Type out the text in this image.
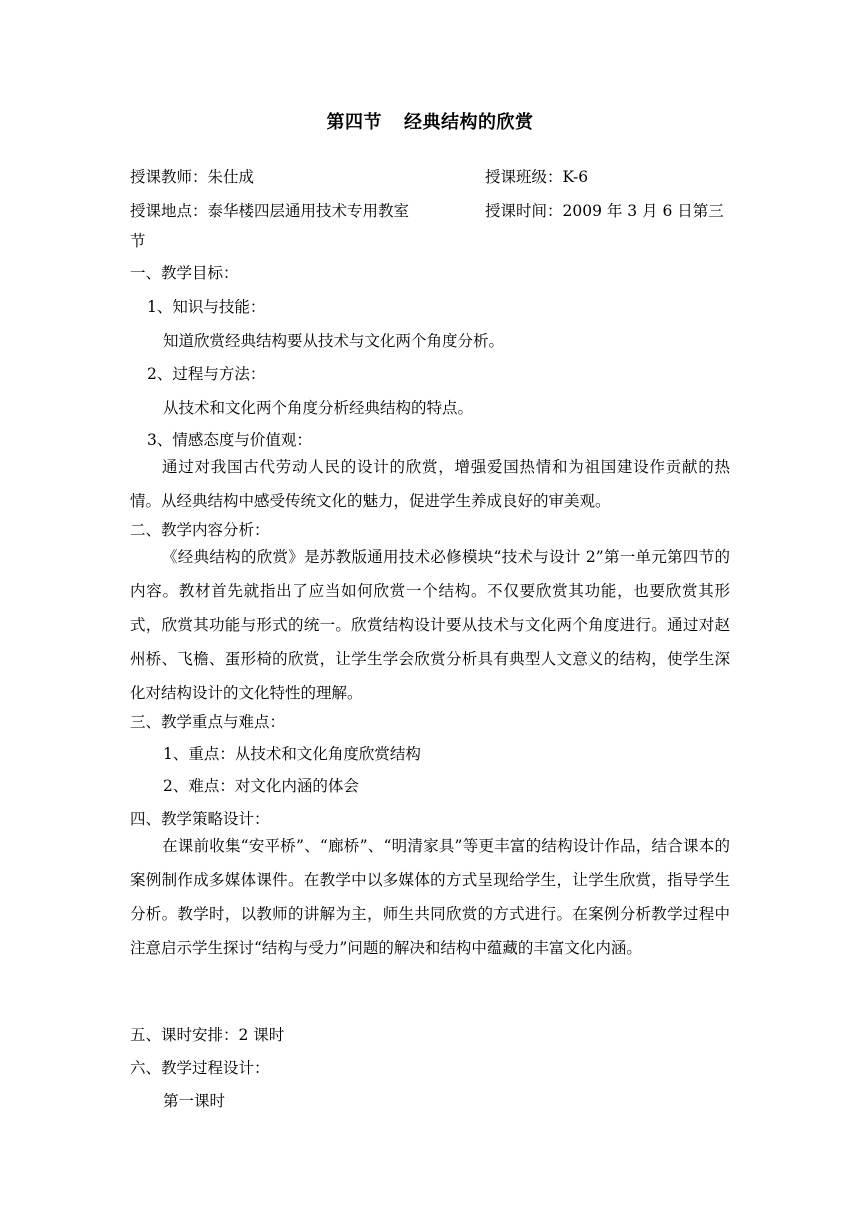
第四节 经典结构的欣赏
授课教师：朱仕成	授课班级：K-6
授课地点：泰华楼四层通用技术专用教室	授课时间：2009 年 3 月 6 日第三
节
一、教学目标：
1、知识与技能：
知道欣赏经典结构要从技术与文化两个角度分析。
2、过程与方法：
从技术和文化两个角度分析经典结构的特点。
3、情感态度与价值观：
通过对我国古代劳动人民的设计的欣赏，增强爱国热情和为祖国建设作贡献的热情。从经典结构中感受传统文化的魅力，促进学生养成良好的审美观。
二、教学内容分析：
《经典结构的欣赏》是苏教版通用技术必修模块“技术与设计 2”第一单元第四节的内容。教材首先就指出了应当如何欣赏一个结构。不仅要欣赏其功能，也要欣赏其形式，欣赏其功能与形式的统一。欣赏结构设计要从技术与文化两个角度进行。通过对赵州桥、飞檐、蛋形椅的欣赏，让学生学会欣赏分析具有典型人文意义的结构，使学生深化对结构设计的文化特性的理解。
三、教学重点与难点：
1、重点：从技术和文化角度欣赏结构
2、难点：对文化内涵的体会
四、教学策略设计：
在课前收集“安平桥”、“廊桥”、“明清家具”等更丰富的结构设计作品，结合课本的案例制作成多媒体课件。在教学中以多媒体的方式呈现给学生，让学生欣赏，指导学生分析。教学时，以教师的讲解为主，师生共同欣赏的方式进行。在案例分析教学过程中注意启示学生探讨“结构与受力”问题的解决和结构中蕴藏的丰富文化内涵。
五、课时安排：2 课时
六、教学过程设计：
第一课时
